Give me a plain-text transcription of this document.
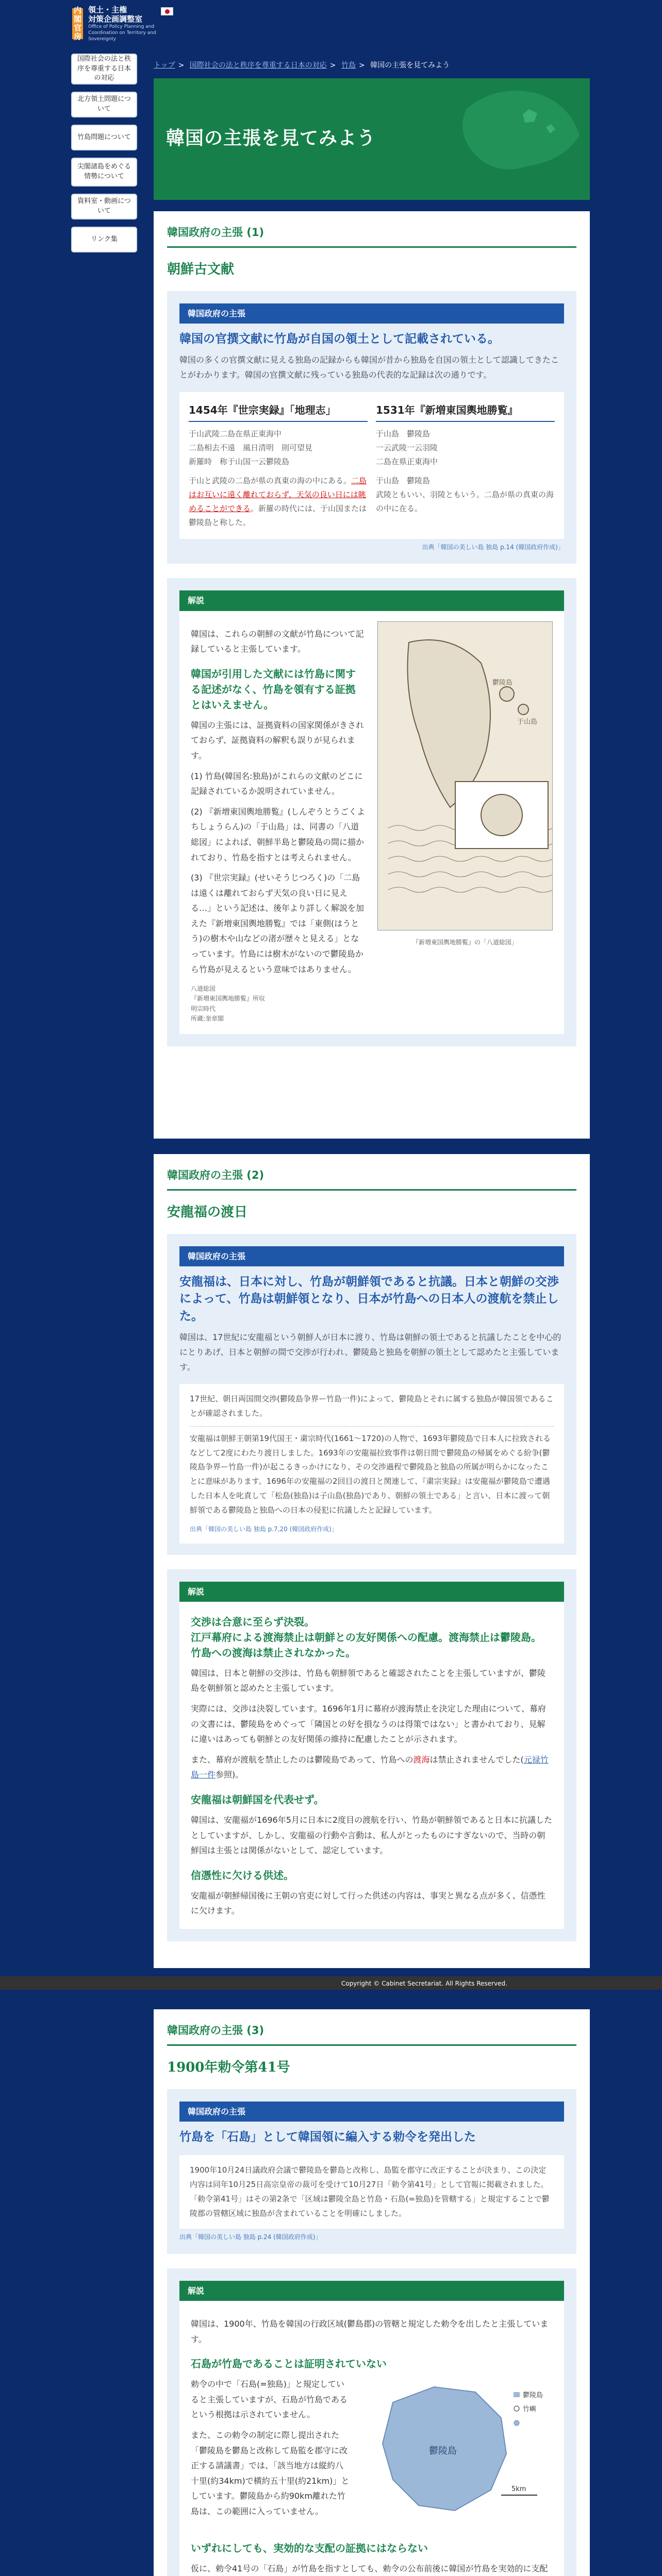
内閣
官房
領土・主権
対策企画調整室
Office of Policy Planning and Coordination on Territory and Sovereignty
国際社会の法と秩序を尊重する日本の対応
北方領土問題について
竹島問題について
尖閣諸島をめぐる情勢について
資料室・動画について
リンク集
トップ > 国際社会の法と秩序を尊重する日本の対応 > 竹島 > 韓国の主張を見てみよう
韓国の主張を見てみよう
韓国政府の主張 (1)
朝鮮古文献
韓国政府の主張
韓国の官撰文献に竹島が自国の領土として記載されている。
韓国の多くの官撰文献に見える独島の記録からも韓国が昔から独島を自国の領土として認識してきたことがわかります。韓国の官撰文献に残っている独島の代表的な記録は次の通りです。
1454年『世宗実録』「地理志」

于山武陵二島在県正東海中
二島相去不遠　風日清明　則可望見
新羅時　称于山国一云鬱陵島

于山と武陵の二島が県の真東の海の中にある。二島はお互いに遠く離れておらず、天気の良い日には眺めることができる。新羅の時代には、于山国または鬱陵島と称した。

1531年『新増東国輿地勝覧』

于山島　鬱陵島
一云武陵一云羽陵
二島在県正東海中

于山島　鬱陵島
武陵ともいい、羽陵ともいう。二島が県の真東の海の中に在る。

出典「韓国の美しい島 独島 p.14 (韓国政府作成)」
解説

韓国は、これらの朝鮮の文献が竹島について記録していると主張しています。

韓国が引用した文献には竹島に関する記述がなく、竹島を領有する証拠とはいえません。

韓国の主張には、証拠資料の国家関係がきされておらず、証拠資料の解釈も誤りが見られます。

(1) 竹島(韓国名:独島)がこれらの文献のどこに記録されているか説明されていません。

(2) 『新増東国輿地勝覧』(しんぞうとうごくよちしょうらん)の「于山島」は、同書の「八道総図」によれば、朝鮮半島と鬱陵島の間に描かれており、竹島を指すとは考えられません。

(3) 『世宗実録』(せいそうじつろく)の「二島は遠くは離れておらず天気の良い日に見える…」という記述は、後年より詳しく解説を加えた『新増東国輿地勝覧』では「東側(はうとう)の樹木や山などの渚が歴々と見える」となっています。竹島には樹木がないので鬱陵島から竹島が見えるという意味ではありません。

八道総図
『新増東国輿地勝覧』所収
明宗時代
所蔵:奎章閣
鬱陵島
于山島
『新増東国輿地勝覧』の「八道総図」
韓国政府の主張 (2)
安龍福の渡日
韓国政府の主張
安龍福は、日本に対し、竹島が朝鮮領であると抗議。日本と朝鮮の交渉によって、竹島は朝鮮領となり、日本が竹島への日本人の渡航を禁止した。
韓国は、17世紀に安龍福という朝鮮人が日本に渡り、竹島は朝鮮の領土であると抗議したことを中心的にとりあげ、日本と朝鮮の間で交渉が行われ、鬱陵島と独島を朝鮮の領土として認めたと主張しています。
17世紀、朝日両国間交渉(鬱陵島争界ー竹島一件)によって、鬱陵島とそれに属する独島が韓国領であることが確認されました。
安龍福は朝鮮王朝第19代国王・粛宗時代(1661〜1720)の人物で、1693年鬱陵島で日本人に拉致されるなどして2度にわたり渡日しました。1693年の安龍福拉致事件は朝日間で鬱陵島の帰属をめぐる紛争(鬱陵島争界ー竹島一件)が起こるきっかけになり、その交渉過程で鬱陵島と独島の所属が明らかになったことに意味があります。1696年の安龍福の2回目の渡日と関連して、『粛宗実録』は安龍福が鬱陵島で遭遇した日本人を叱責して「松島(独島)は子山島(独島)であり、朝鮮の領土である」と言い、日本に渡って朝鮮領である鬱陵島と独島への日本の侵犯に抗議したと記録しています。
出典「韓国の美しい島 独島 p.7,20 (韓国政府作成)」
解説
交渉は合意に至らず決裂。
江戸幕府による渡海禁止は朝鮮との友好関係への配慮。渡海禁止は鬱陵島。
竹島への渡海は禁止されなかった。

韓国は、日本と朝鮮の交渉は、竹島も朝鮮領であると確認されたことを主張していますが、鬱陵島を朝鮮領と認めたと主張しています。

実際には、交渉は決裂しています。1696年1月に幕府が渡海禁止を決定した理由について、幕府の文書には、鬱陵島をめぐって「隣国との好を損なうのは得策ではない」と書かれており、見解に違いはあっても朝鮮との友好関係の維持に配慮したことが示されます。

また、幕府が渡航を禁止したのは鬱陵島であって、竹島への渡海は禁止されませんでした(元禄竹島一件参照)。

安龍福は朝鮮国を代表せず。

韓国は、安龍福が1696年5月に日本に2度目の渡航を行い、竹島が朝鮮領であると日本に抗議したとしていますが、しかし、安龍福の行動や言動は、私人がとったものにすぎないので、当時の朝鮮国は主張とは関係がないとして、認定しています。

信憑性に欠ける供述。

安龍福が朝鮮帰国後に王朝の官吏に対して行った供述の内容は、事実と異なる点が多く、信憑性に欠けます。

Copyright © Cabinet Secretariat. All Rights Reserved.
韓国政府の主張 (3)
1900年勅令第41号
韓国政府の主張
竹島を「石島」として韓国領に編入する勅令を発出した
1900年10月24日議政府会議で鬱陵島を鬱島と改称し、島監を郡守に改正することが決まり、この決定内容は同年10月25日高宗皇帝の裁可を受けて10月27日「勅令第41号」として官報に掲載されました。
「勅令第41号」はその第2条で「区域は鬱陵全島と竹島・石島(=独島)を管轄する」と規定することで鬱陵郡の管轄区域に独島が含まれていることを明確にしました。
出典「韓国の美しい島 独島 p.24 (韓国政府作成)」
解説

韓国は、1900年、竹島を韓国の行政区域(鬱島郡)の管轄と規定した勅令を出したと主張しています。

石島が竹島であることは証明されていない

勅令の中で「石島(=独島)」と規定していると主張していますが、石島が竹島であるという根拠は示されていません。

また、この勅令の制定に際し提出された「鬱陵島を鬱島と改称して島監を郡守に改正する請議書」では、「該当地方は縦約八十里(約34km)で横約五十里(約21km)」としています。鬱陵島から約90km離れた竹島は、この範囲に入っていません。

鬱陵島
鬱陵島
竹嶼
5km
いずれにしても、実効的な支配の証拠にはならない

仮に、勅令41号の「石島」が竹島を指すとしても、勅令の公布前後に韓国が竹島を実効的に支配
